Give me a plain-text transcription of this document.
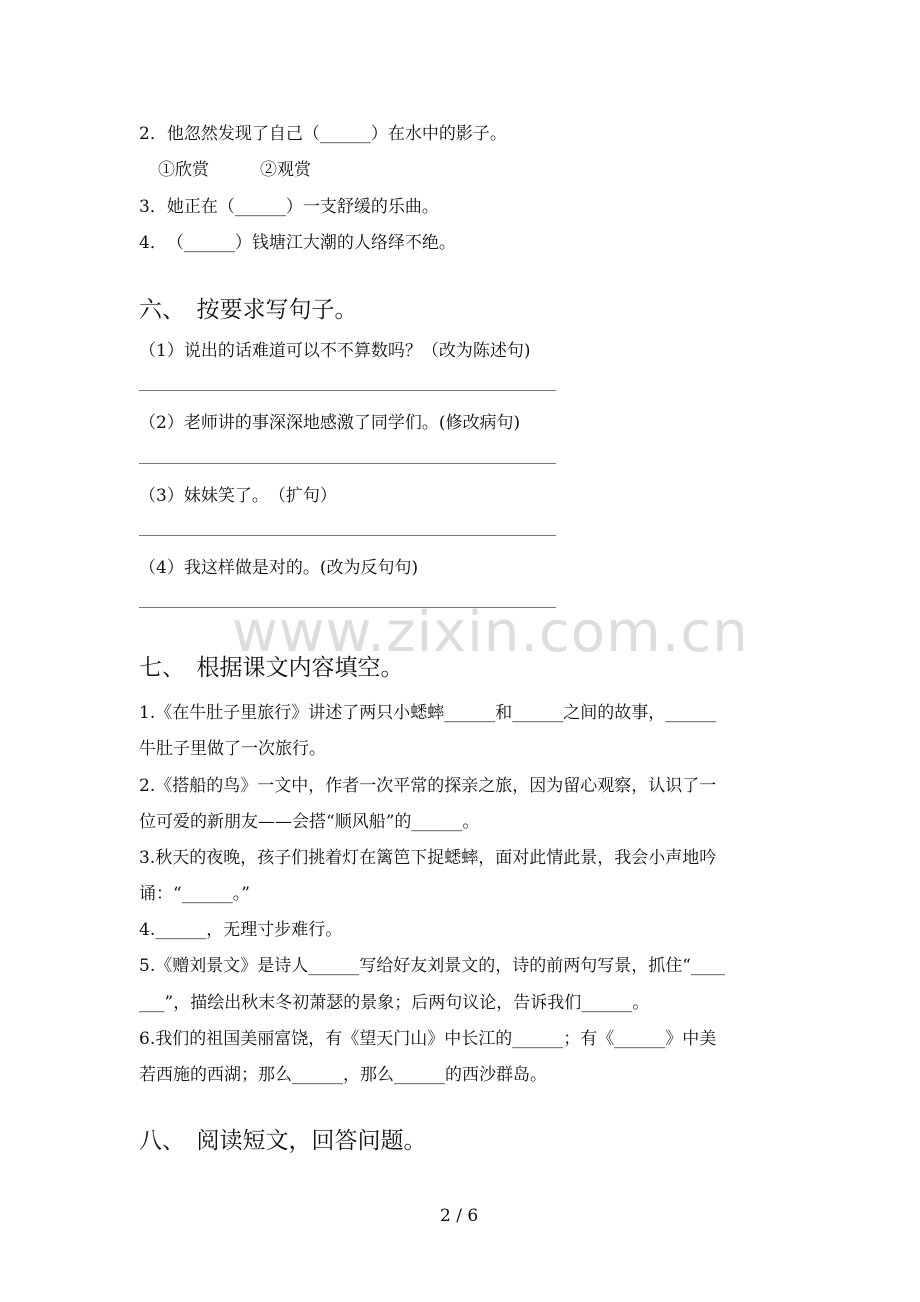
www.zixin.com.cn
2．他忽然发现了自己（______）在水中的影子。
①欣赏　　　②观赏
3．她正在（______）一支舒缓的乐曲。
4．　（______）钱塘江大潮的人络绎不绝。
六、　按要求写句子。
（1）说出的话难道可以不不算数吗？（改为陈述句)
（2）老师讲的事深深地感激了同学们。(修改病句)
（3）妹妹笑了。　（扩句）
（4）我这样做是对的。(改为反句句)
七、　根据课文内容填空。
1.《在牛肚子里旅行》讲述了两只小蟋蟀______和______之间的故事，______
牛肚子里做了一次旅行。
2.《搭船的鸟》一文中，作者一次平常的探亲之旅，因为留心观察，认识了一
位可爱的新朋友——会搭“顺风船”的______。
3.秋天的夜晚，孩子们挑着灯在篱笆下捉蟋蟀，面对此情此景，我会小声地吟
诵：“______。”
4.______，无理寸步难行。
5.《赠刘景文》是诗人______写给好友刘景文的，诗的前两句写景，抓住“____
___”，描绘出秋末冬初萧瑟的景象；后两句议论，告诉我们______。
6.我们的祖国美丽富饶，有《望天门山》中长江的______；有《______》中美
若西施的西湖；那么______，那么______的西沙群岛。
八、　阅读短文，回答问题。
2 / 6
